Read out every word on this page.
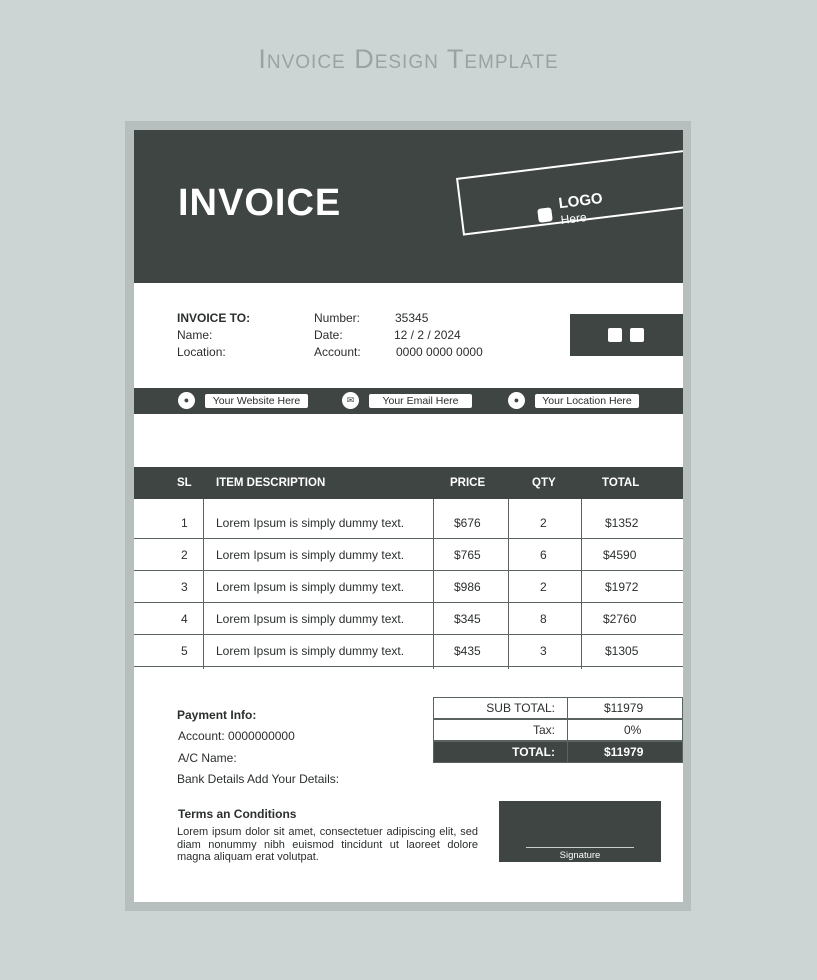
Invoice Design Template
INVOICE	LOGO
Here
INVOICE TO:
Name:
Location:
Number:	35345
Date:	12 / 2 / 2024
Account:	0000 0000 0000
●	Your Website Here	✉	Your Email Here	●	Your Location Here
SL ITEM DESCRIPTION	PRICE	QTY	TOTAL
1 Lorem Ipsum is simply dummy text.	$676	2	$1352
2 Lorem Ipsum is simply dummy text.	$765	6	$4590
3 Lorem Ipsum is simply dummy text.	$986	2	$1972
4 Lorem Ipsum is simply dummy text.	$345	8	$2760
5 Lorem Ipsum is simply dummy text.	$435	3	$1305
Payment Info:
Account: 0000000000
A/C Name:
Bank Details Add Your Details:
SUB TOTAL:	$11979
Tax:	0%
TOTAL:	$11979
Terms an Conditions
Lorem ipsum dolor sit amet, consectetuer adipiscing elit, sed diam nonummy nibh euismod tincidunt ut laoreet dolore magna aliquam erat volutpat.	Signature
